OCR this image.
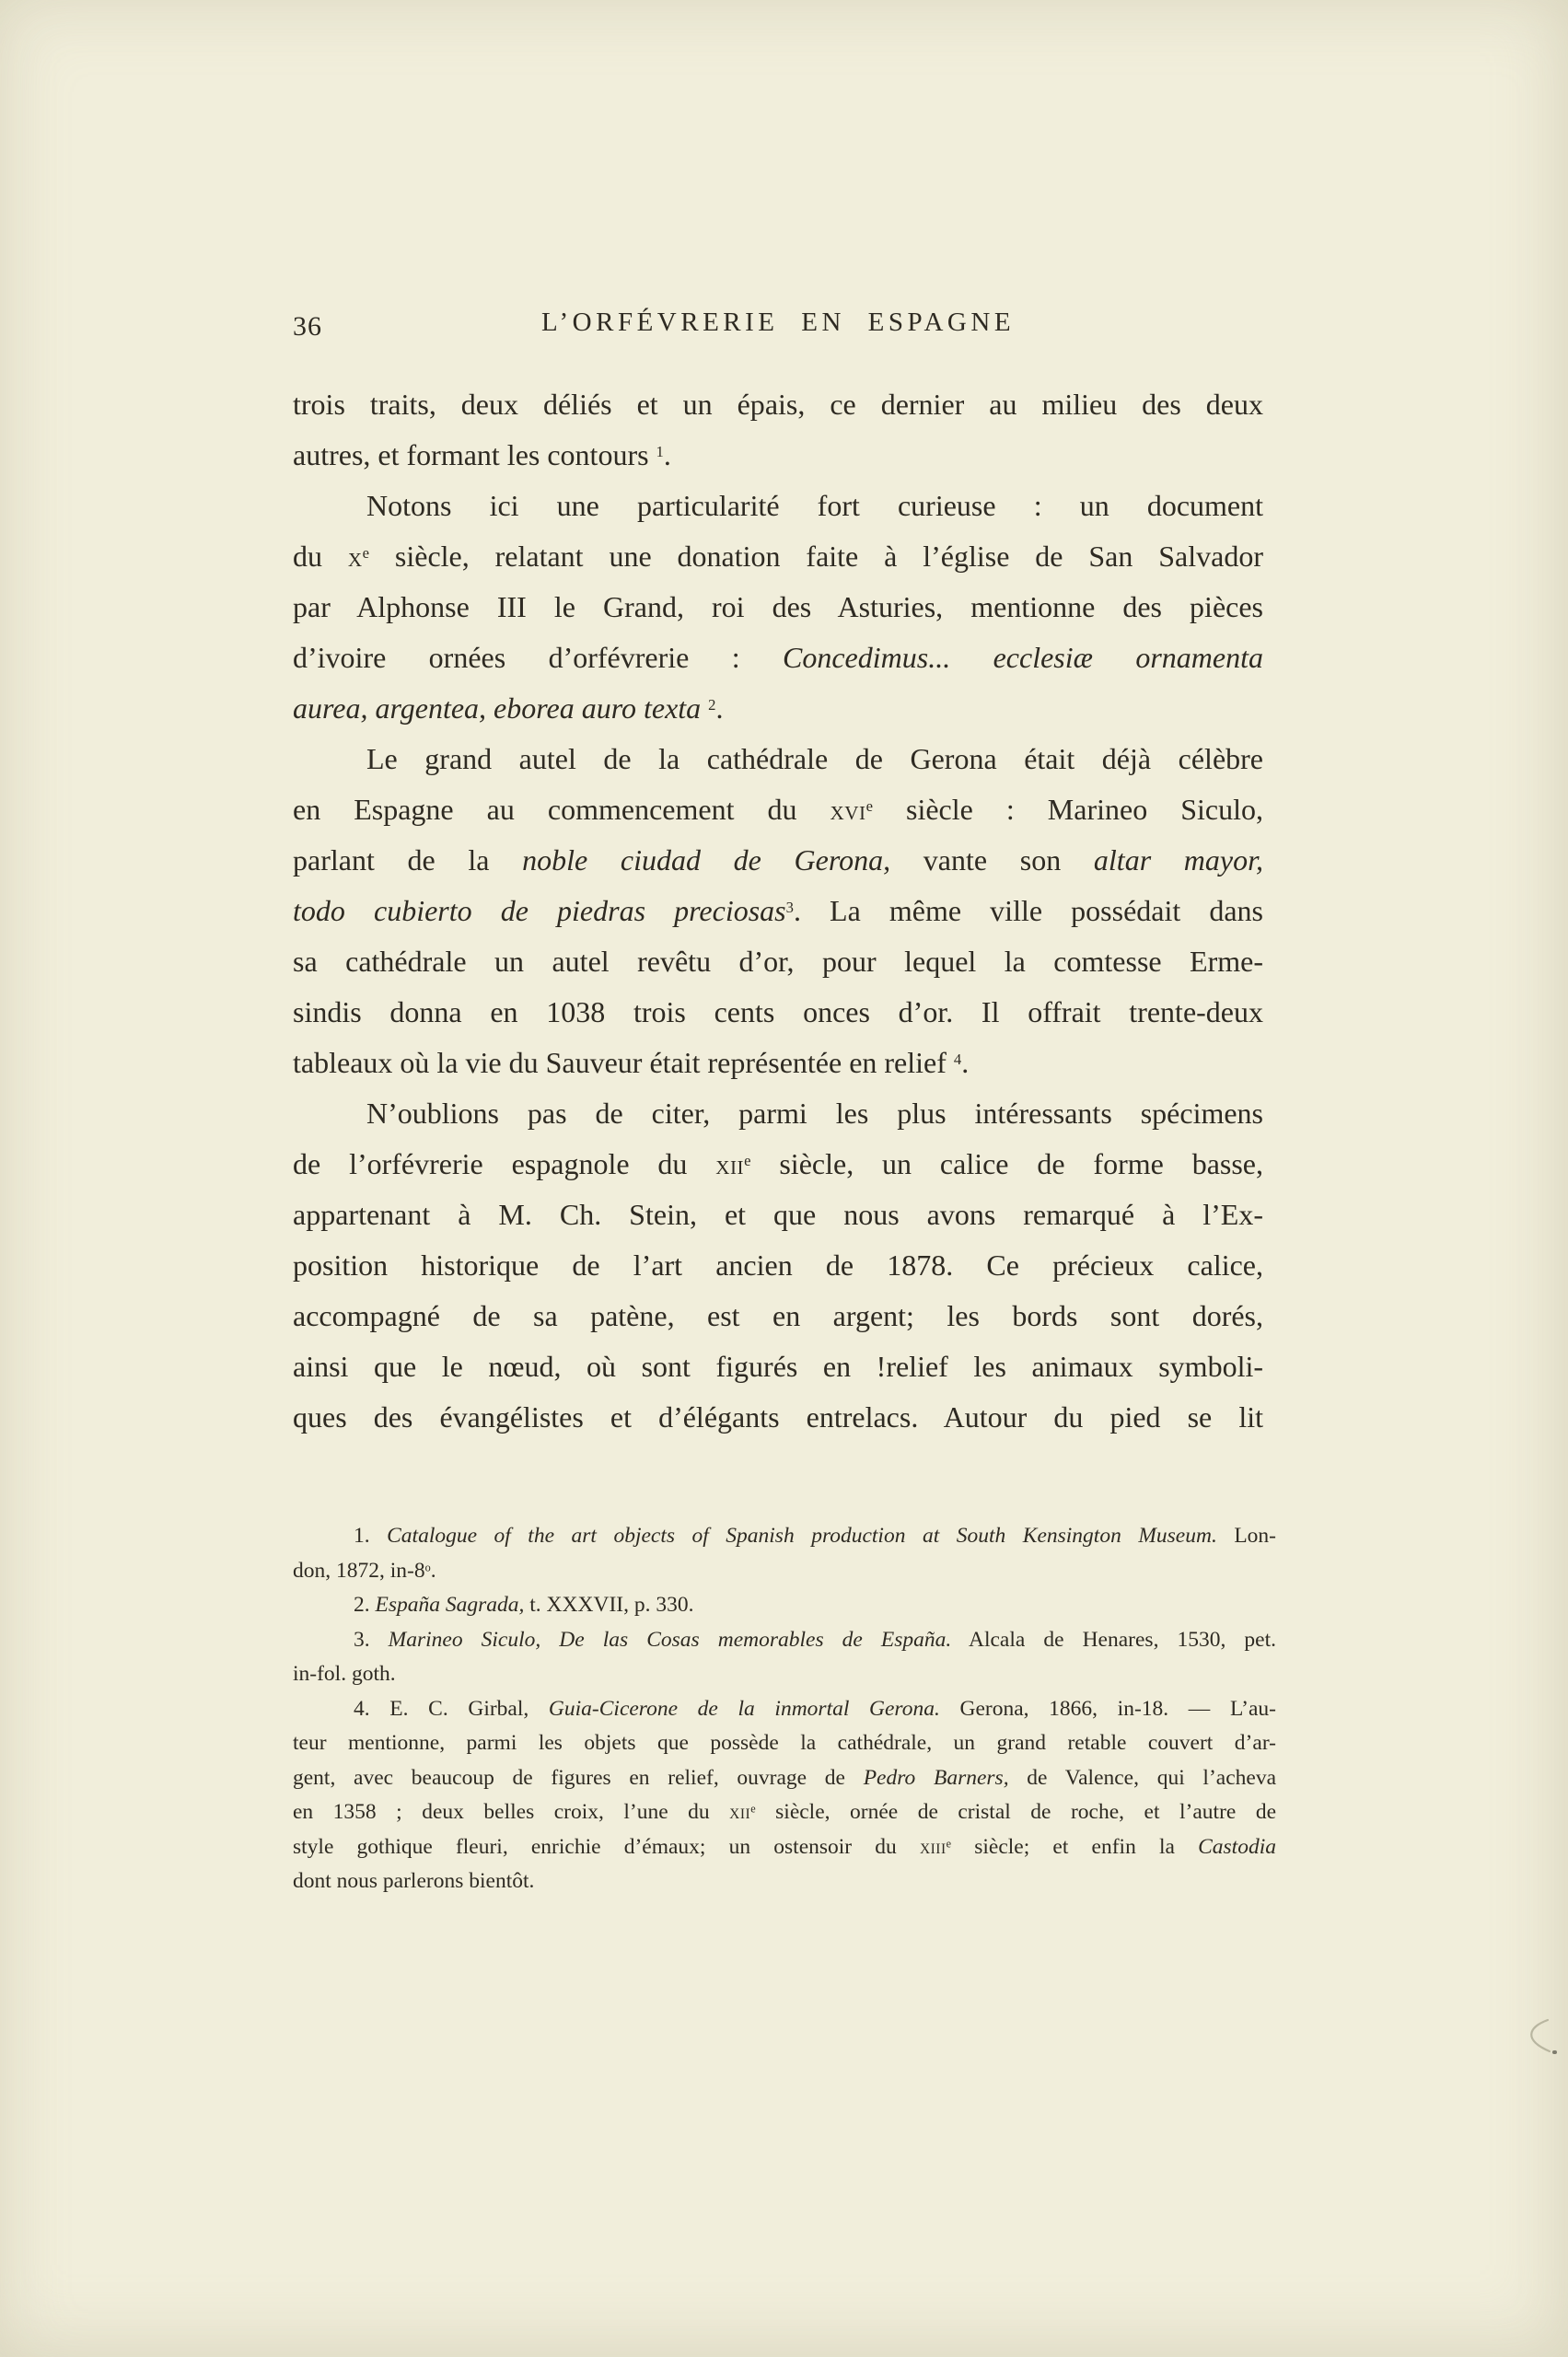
36	L’ORFÉVRERIE EN ESPAGNE
trois traits, deux déliés et un épais, ce dernier au milieu des deux
autres, et formant les contours $^1$.
Notons ici une particularité fort curieuse : un document
du Xe siècle, relatant une donation faite à l’église de San Salvador
par Alphonse III le Grand, roi des Asturies, mentionne des pièces
d’ivoire ornées d’orfévrerie : Concedimus... ecclesiæ ornamenta
aurea, argentea, eborea auro texta $^2$.
Le grand autel de la cathédrale de Gerona était déjà célèbre
en Espagne au commencement du XVIe siècle : Marineo Siculo,
parlant de la noble ciudad de Gerona, vante son altar mayor,
todo cubierto de piedras preciosas$^3$. La même ville possédait dans
sa cathédrale un autel revêtu d’or, pour lequel la comtesse Erme-
sindis donna en 1038 trois cents onces d’or. Il offrait trente-deux
tableaux où la vie du Sauveur était représentée en relief $^4$.
N’oublions pas de citer, parmi les plus intéressants spécimens
de l’orfévrerie espagnole du XIIe siècle, un calice de forme basse,
appartenant à M. Ch. Stein, et que nous avons remarqué à l’Ex-
position historique de l’art ancien de 1878. Ce précieux calice,
accompagné de sa patène, est en argent; les bords sont dorés,
ainsi que le nœud, où sont figurés en !relief les animaux symboli-
ques des évangélistes et d’élégants entrelacs. Autour du pied se lit
1. Catalogue of the art objects of Spanish production at South Kensington Museum. Lon-
don, 1872, in-8$^o$.
2. España Sagrada, t. XXXVII, p. 330.
3. Marineo Siculo, De las Cosas memorables de España. Alcala de Henares, 1530, pet.
in-fol. goth.
4. E. C. Girbal, Guia-Cicerone de la inmortal Gerona. Gerona, 1866, in-18. — L’au-
teur mentionne, parmi les objets que possède la cathédrale, un grand retable couvert d’ar-
gent, avec beaucoup de figures en relief, ouvrage de Pedro Barners, de Valence, qui l’acheva
en 1358 ; deux belles croix, l’une du XIIe siècle, ornée de cristal de roche, et l’autre de
style gothique fleuri, enrichie d’émaux; un ostensoir du XIIIe siècle; et enfin la Castodia
dont nous parlerons bientôt.
